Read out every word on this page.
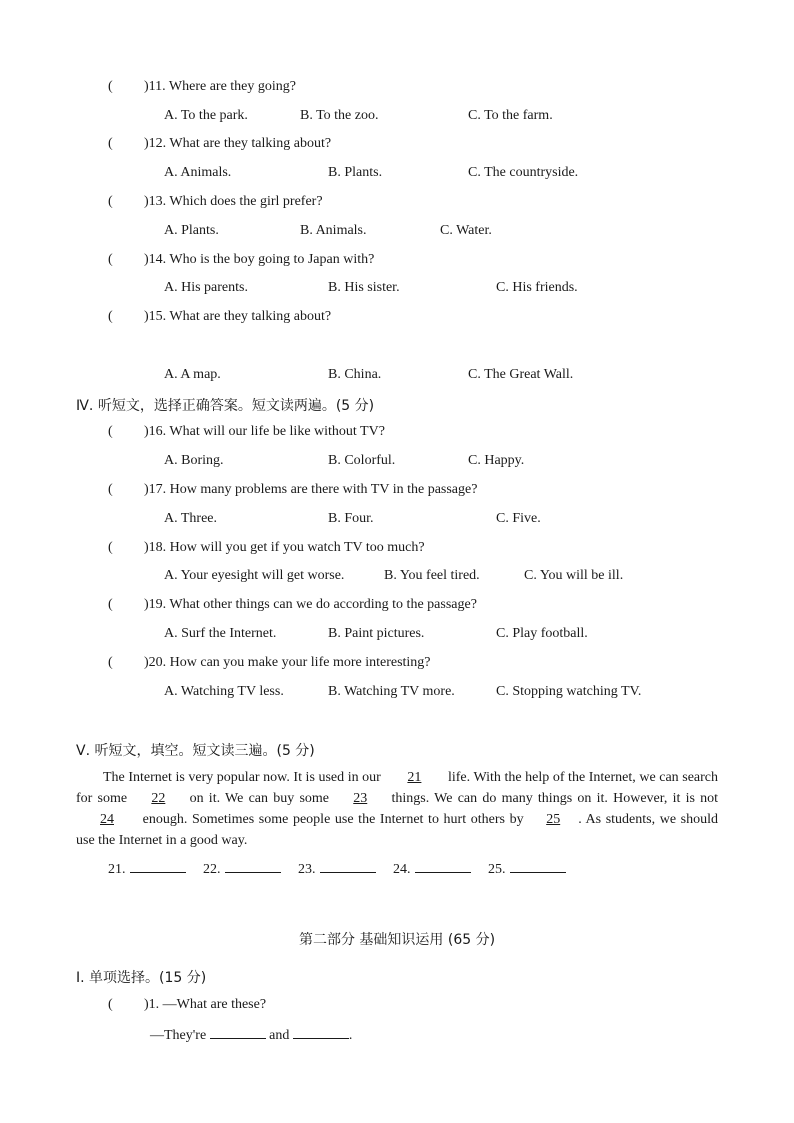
( )11. Where are they going?
A. To the park.	B. To the zoo.	C. To the farm.
( )12. What are they talking about?
A. Animals.	B. Plants.	C. The countryside.
( )13. Which does the girl prefer?
A. Plants.	B. Animals.	C. Water.
( )14. Who is the boy going to Japan with?
A. His parents.	B. His sister.	C. His friends.
( )15. What are they talking about?
A. A map.	B. China.	C. The Great Wall.
Ⅳ. 听短文，选择正确答案。短文读两遍。(5 分)
( )16. What will our life be like without TV?
A. Boring.	B. Colorful.	C. Happy.
( )17. How many problems are there with TV in the passage?
A. Three.	B. Four.	C. Five.
( )18. How will you get if you watch TV too much?
A. Your eyesight will get worse.	B. You feel tired.	C. You will be ill.
( )19. What other things can we do according to the passage?
A. Surf the Internet.	B. Paint pictures.	C. Play football.
( )20. How can you make your life more interesting?
A. Watching TV less.	B. Watching TV more.	C. Stopping watching TV.
Ⅴ. 听短文，填空。短文读三遍。(5 分)
The Internet is very popular now. It is used in our 21 life. With the help of the Internet, we can search for some 22 on it. We can buy some 23 things. We can do many things on it. However, it is not 24 enough. Sometimes some people use the Internet to hurt others by 25 . As students, we should use the Internet in a good way.
21.	22.	23.	24.	25.
第二部分 基础知识运用 (65 分)
Ⅰ. 单项选择。(15 分)
( )1. —What are these?
—They're	and	.
